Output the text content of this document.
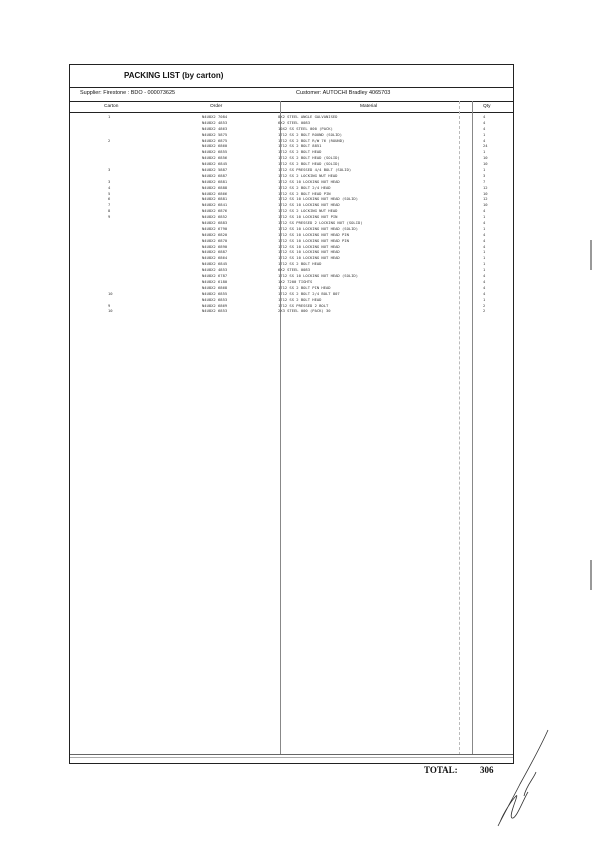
PACKING LIST (by carton)
Supplier: Firestone : BDO - 000073625	Customer: AUTOCHI Bradley 4065703
Carton	Order	Material	Qty
1	N4U8X2 7084	8X2 STEEL ANGLE GALVANISED	4
N4U8X2 4853	6X2 STEEL 0083	4
N4U8X2 4863	10X2 SS STEEL 000 (PACK)	4
N4U8X2 5875	1712 SS 2 BOLT ROUND (SOLID)	1
2	N4U8X2 6875	1712 SS 2 BOLT R/W 76 (ROUND)	4
N4U8X2 6860	1712 SS 2 BOLT 8851	24
N4U8X2 6855	1712 SS 2 BOLT HEAD	1
N4U8X2 6856	1712 SS 2 BOLT HEAD (SOLID)	10
N4U8X2 6845	1712 SS 2 BOLT HEAD (SOLID)	10
3	N4U8X2 5887	1712 SS PRESSED 4/4 BOLT (SOLID)	1
N4U8X2 6887	1712 SS 2 LOCKING NUT HEAD	3
3	N4U8X2 6881	1712 SS 10 LOCKING NUT HEAD	7
4	N4U8X2 6888	1712 SS 2 BOLT 2/4 HEAD	12
5	N4U8X2 6866	1712 SS 2 BOLT HEAD PIN	10
6	N4U8X2 6881	1712 SS 10 LOCKING NUT HEAD (SOLID)	12
7	N4U8X2 6841	1712 SS 10 LOCKING NUT HEAD	10
8	N4U8X2 6876	1712 SS 2 LOCKING NUT HEAD	4
9	N4U8X2 6852	1712 SS 10 LOCKING NUT PIN	1
N4U8X2 6883	1712 SS PRESSED 2 LOCKING NUT (SOLID)	4
N4U8X2 6790	1712 SS 10 LOCKING NUT HEAD (SOLID)	1
N4U8X2 6820	1712 SS 10 LOCKING NUT HEAD PIN	4
N4U8X2 6870	1712 SS 10 LOCKING NUT HEAD PIN	4
N4U8X2 6890	1712 SS 10 LOCKING NUT HEAD	4
N4U8X2 6887	1712 SS 10 LOCKING NUT HEAD	1
N4U8X2 6864	1712 SS 10 LOCKING NUT HEAD	1
N4U8X2 6845	1712 SS 2 BOLT HEAD	1
N4U8X2 4853	6X2 STEEL 0083	1
N4U8X2 6787	1712 SS 10 LOCKING NUT HEAD (SOLID)	4
N4U8X2 6180	1X2 7200 TIGHTS	4
N4U8X2 6868	1712 SS 2 BOLT PIN HEAD	4
10	N4U8X2 6855	1712 SS 2 BOLT 2/4 BOLT 807	4
N4U8X2 6853	1712 SS 2 BOLT HEAD	1
9	N4U8X2 6869	1712 SS PRESSED 2 BOLT	2
10	N4U8X2 6853	2X3 STEEL 000 (PACK) 30	2
TOTAL: 306
